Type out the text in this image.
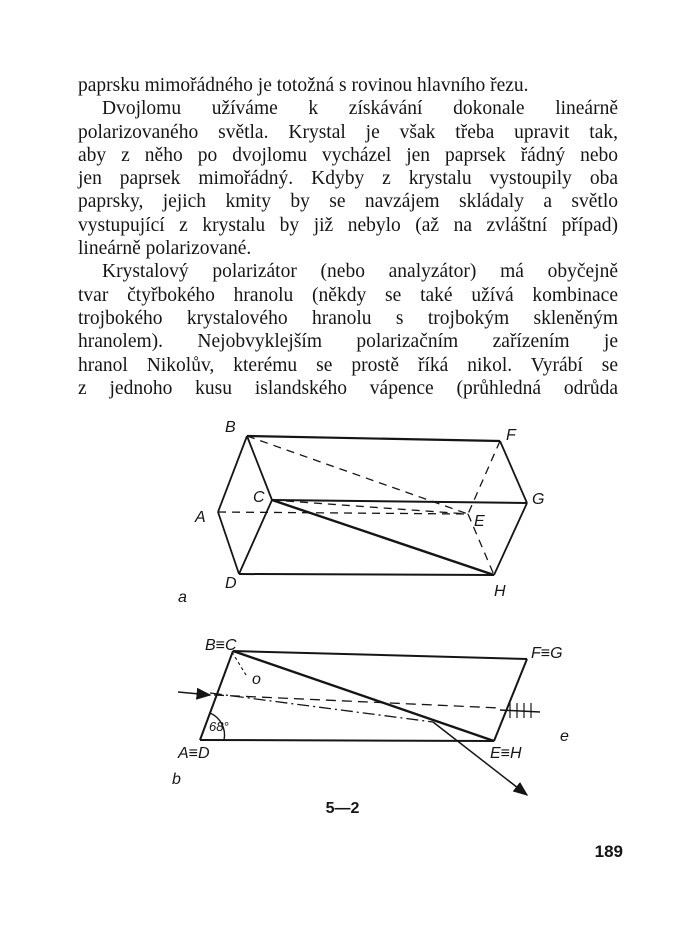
paprsku mimořádného je totožná s rovinou hlavního řezu.
Dvojlomu užíváme k získávání dokonale lineárně
polarizovaného světla. Krystal je však třeba upravit tak,
aby z něho po dvojlomu vycházel jen paprsek řádný nebo
jen paprsek mimořádný. Kdyby z krystalu vystoupily oba
paprsky, jejich kmity by se navzájem skládaly a světlo
vystupující z krystalu by již nebylo (až na zvláštní případ)
lineárně polarizované.
Krystalový polarizátor (nebo analyzátor) má obyčejně
tvar čtyřbokého hranolu (někdy se také užívá kombinace
trojbokého krystalového hranolu s trojbokým skleněným
hranolem). Nejobvyklejším polarizačním zařízením je
hranol Nikolův, kterému se prostě říká nikol. Vyrábí se
z jednoho kusu islandského vápence (průhledná odrůda
B	F
C	G
A	E
D	H
a
B≡C	F≡G
o
68°
A≡D	E≡H
e
b
5—2
189
